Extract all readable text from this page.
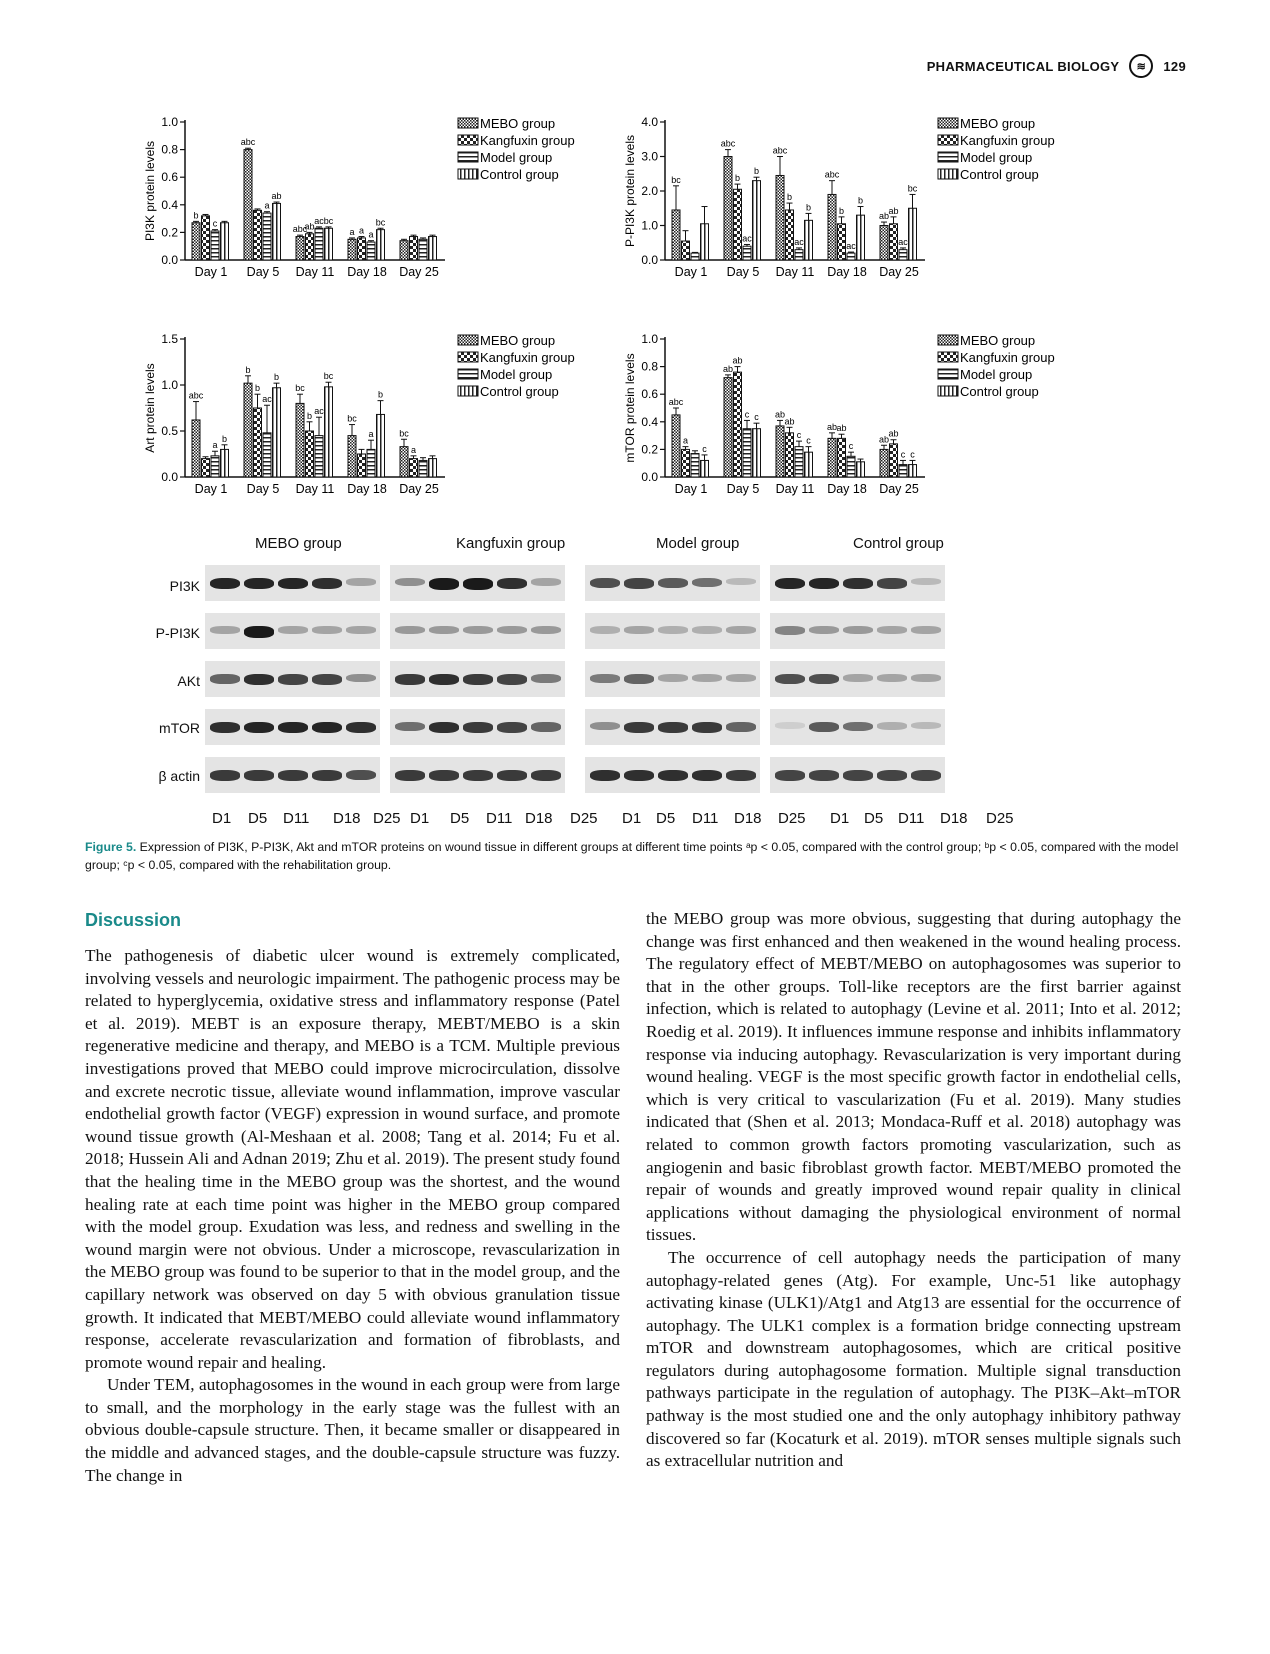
PHARMACEUTICAL BIOLOGY	≋	129
0.0
0.2
0.4
0.6
0.8
1.0
PI3K protein levels	b
c
Day 1
abc
a
ab
Day 5
abc
ab
ac bc
Day 11
a a a
bc
Day 18 Day 25
MEBO group
Kangfuxin group
Model group
Control group
0.0
1.0
2.0
3.0
4.0
P-PI3K protein levels	bc
Day 1
abc
b
ac
b
Day 5
abc
b
ac
b
Day 11
abc
b
ac
b
Day 18
ab
ab
ac
bc
Day 25
MEBO group
Kangfuxin group
Model group
Control group
0.0
0.5
1.0
1.5
Art protein levels	abc
a
b
Day 1
b
b
ac
b
Day 5
bc
b ac
bc
Day 11
bc
a
b
Day 18
bc
a
Day 25
MEBO group
Kangfuxin group
Model group
Control group
0.0
0.2
0.4
0.6
0.8
1.0
mTOR protein levels	abc
a
c
Day 1
ab
ab
c c
Day 5
ab
ab
c
c
Day 11
ab ab
c
Day 18
ab
ab
c c
Day 25
MEBO group
Kangfuxin group
Model group
Control group
MEBO group	Kangfuxin group	Model group	Control group
PI3K
P-PI3K
AKt
mTOR
β actin
D1 D5 D11 D18 D25 D1 D5 D11 D18 D25 D1 D5 D11 D18 D25 D1 D5 D11 D18 D25
Figure 5. Expression of PI3K, P-PI3K, Akt and mTOR proteins on wound tissue in different groups at different time points ᵃp < 0.05, compared with the control group; ᵇp < 0.05, compared with the model group; ᶜp < 0.05, compared with the rehabilitation group.
Discussion

The pathogenesis of diabetic ulcer wound is extremely complicated, involving vessels and neurologic impairment. The pathogenic process may be related to hyperglycemia, oxidative stress and inflammatory response (Patel et al. 2019). MEBT is an exposure therapy, MEBT/MEBO is a skin regenerative medicine and therapy, and MEBO is a TCM. Multiple previous investigations proved that MEBO could improve microcirculation, dissolve and excrete necrotic tissue, alleviate wound inflammation, improve vascular endothelial growth factor (VEGF) expression in wound surface, and promote wound tissue growth (Al-Meshaan et al. 2008; Tang et al. 2014; Fu et al. 2018; Hussein Ali and Adnan 2019; Zhu et al. 2019). The present study found that the healing time in the MEBO group was the shortest, and the wound healing rate at each time point was higher in the MEBO group compared with the model group. Exudation was less, and redness and swelling in the wound margin were not obvious. Under a microscope, revascularization in the MEBO group was found to be superior to that in the model group, and the capillary network was observed on day 5 with obvious granulation tissue growth. It indicated that MEBT/MEBO could alleviate wound inflammatory response, accelerate revascularization and formation of fibroblasts, and promote wound repair and healing.

Under TEM, autophagosomes in the wound in each group were from large to small, and the morphology in the early stage was the fullest with an obvious double-capsule structure. Then, it became smaller or disappeared in the middle and advanced stages, and the double-capsule structure was fuzzy. The change in

the MEBO group was more obvious, suggesting that during autophagy the change was first enhanced and then weakened in the wound healing process. The regulatory effect of MEBT/MEBO on autophagosomes was superior to that in the other groups. Toll-like receptors are the first barrier against infection, which is related to autophagy (Levine et al. 2011; Into et al. 2012; Roedig et al. 2019). It influences immune response and inhibits inflammatory response via inducing autophagy. Revascularization is very important during wound healing. VEGF is the most specific growth factor in endothelial cells, which is very critical to vascularization (Fu et al. 2019). Many studies indicated that (Shen et al. 2013; Mondaca-Ruff et al. 2018) autophagy was related to common growth factors promoting vascularization, such as angiogenin and basic fibroblast growth factor. MEBT/MEBO promoted the repair of wounds and greatly improved wound repair quality in clinical applications without damaging the physiological environment of normal tissues.

The occurrence of cell autophagy needs the participation of many autophagy-related genes (Atg). For example, Unc-51 like autophagy activating kinase (ULK1)/Atg1 and Atg13 are essential for the occurrence of autophagy. The ULK1 complex is a formation bridge connecting upstream mTOR and downstream autophagosomes, which are critical positive regulators during autophagosome formation. Multiple signal transduction pathways participate in the regulation of autophagy. The PI3K–Akt–mTOR pathway is the most studied one and the only autophagy inhibitory pathway discovered so far (Kocaturk et al. 2019). mTOR senses multiple signals such as extracellular nutrition and
